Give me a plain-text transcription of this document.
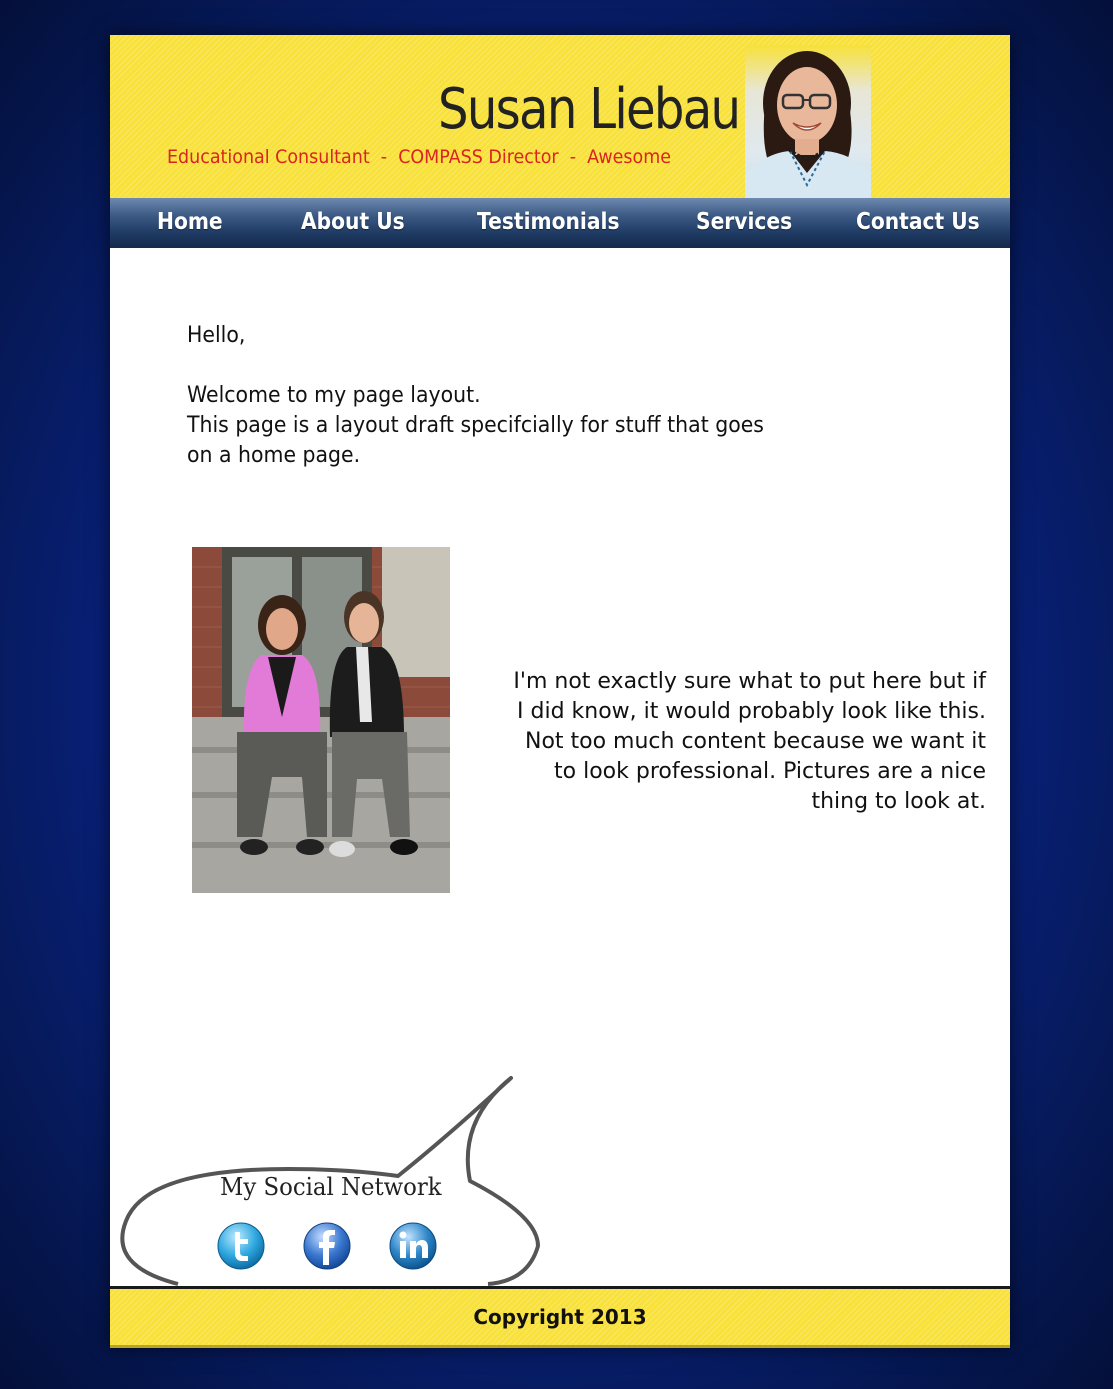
Susan Liebau
Educational Consultant  -  COMPASS Director  -  Awesome
Home	About Us	Testimonials	Services	Contact Us

Hello,

Welcome to my page layout.

This page is a layout draft specifcially for stuff that goes

on a home page.

I'm not exactly sure what to put here but if I did know, it would probably look like this. Not too much content because we want it to look professional. Pictures are a nice thing to look at.
My Social Network
Copyright 2013
